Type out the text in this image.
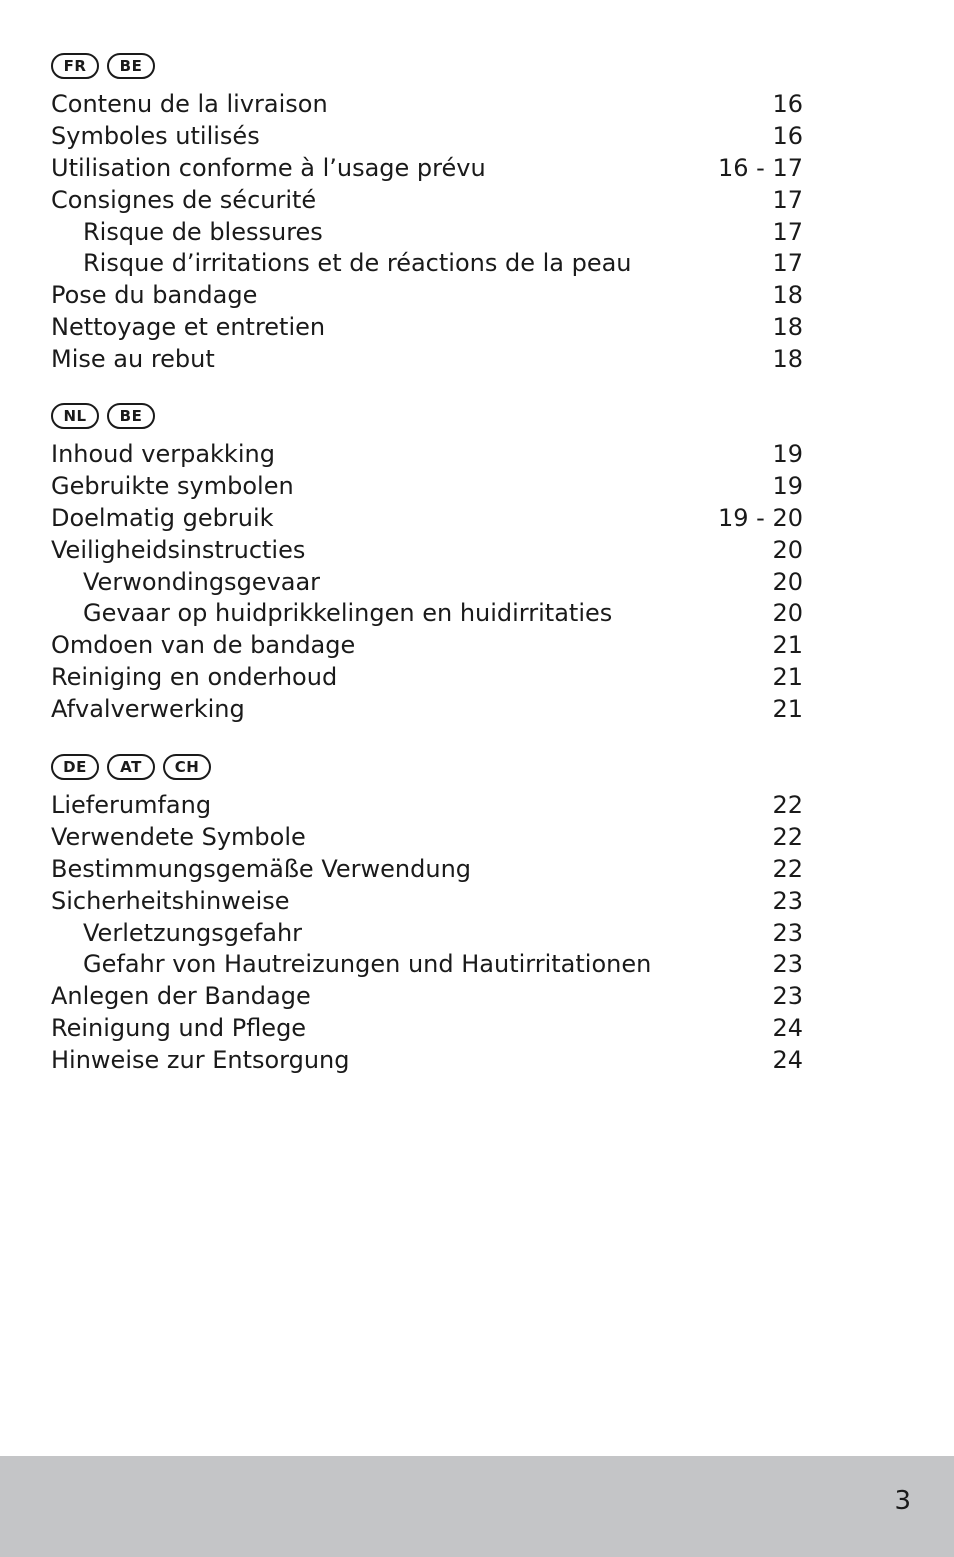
FR	BE
Contenu de la livraison	16
Symboles utilisés	16
Utilisation conforme à l’usage prévu	16 - 17
Consignes de sécurité	17
Risque de blessures	17
Risque d’irritations et de réactions de la peau	17
Pose du bandage	18
Nettoyage et entretien	18
Mise au rebut	18
NL	BE
Inhoud verpakking	19
Gebruikte symbolen	19
Doelmatig gebruik	19 - 20
Veiligheidsinstructies	20
Verwondingsgevaar	20
Gevaar op huidprikkelingen en huidirritaties	20
Omdoen van de bandage	21
Reiniging en onderhoud	21
Afvalverwerking	21
DE	AT	CH
Lieferumfang	22
Verwendete Symbole	22
Bestimmungsgemäße Verwendung	22
Sicherheitshinweise	23
Verletzungsgefahr	23
Gefahr von Hautreizungen und Hautirritationen	23
Anlegen der Bandage	23
Reinigung und Pflege	24
Hinweise zur Entsorgung	24
3
